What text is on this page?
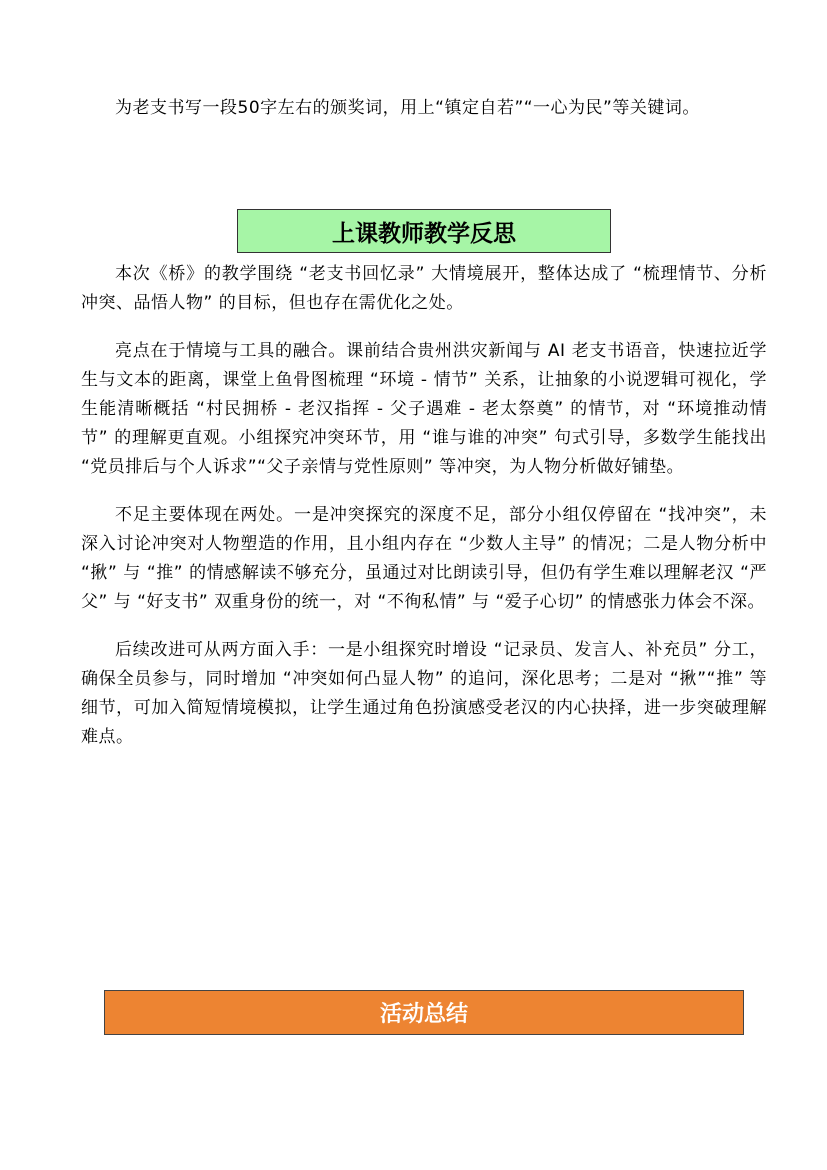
为老支书写一段50字左右的颁奖词，用上“镇定自若”“一心为民”等关键词。

上课教师教学反思

本次《桥》的教学围绕 “老支书回忆录” 大情境展开，整体达成了 “梳理情节、分析冲突、品悟人物” 的目标，但也存在需优化之处。

亮点在于情境与工具的融合。课前结合贵州洪灾新闻与 AI 老支书语音，快速拉近学生与文本的距离，课堂上鱼骨图梳理 “环境 - 情节” 关系，让抽象的小说逻辑可视化，学生能清晰概括 “村民拥桥 - 老汉指挥 - 父子遇难 - 老太祭奠” 的情节，对 “环境推动情节” 的理解更直观。小组探究冲突环节，用 “谁与谁的冲突” 句式引导，多数学生能找出 “党员排后与个人诉求”“父子亲情与党性原则” 等冲突，为人物分析做好铺垫。

不足主要体现在两处。一是冲突探究的深度不足，部分小组仅停留在 “找冲突”，未深入讨论冲突对人物塑造的作用，且小组内存在 “少数人主导” 的情况；二是人物分析中 “揪” 与 “推” 的情感解读不够充分，虽通过对比朗读引导，但仍有学生难以理解老汉 “严父” 与 “好支书” 双重身份的统一，对 “不徇私情” 与 “爱子心切” 的情感张力体会不深。

后续改进可从两方面入手：一是小组探究时增设 “记录员、发言人、补充员” 分工，确保全员参与，同时增加 “冲突如何凸显人物” 的追问，深化思考；二是对 “揪”“推” 等细节，可加入简短情境模拟，让学生通过角色扮演感受老汉的内心抉择，进一步突破理解难点。

活动总结
